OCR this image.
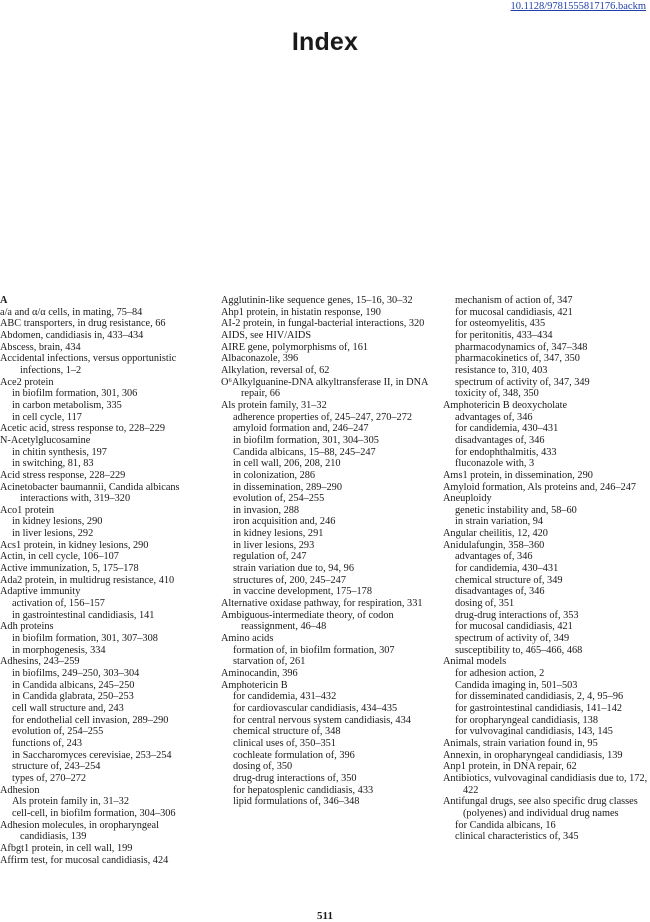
10.1128/9781555817176.backm
Index
A
a/a and α/α cells, in mating, 75–84
ABC transporters, in drug resistance, 66
Abdomen, candidiasis in, 433–434
Abscess, brain, 434
Accidental infections, versus opportunistic infections, 1–2
Ace2 protein
in biofilm formation, 301, 306
in carbon metabolism, 335
in cell cycle, 117
Acetic acid, stress response to, 228–229
N-Acetylglucosamine
in chitin synthesis, 197
in switching, 81, 83
Acid stress response, 228–229
Acinetobacter baumannii, Candida albicans interactions with, 319–320
Aco1 protein
in kidney lesions, 290
in liver lesions, 292
Acs1 protein, in kidney lesions, 290
Actin, in cell cycle, 106–107
Active immunization, 5, 175–178
Ada2 protein, in multidrug resistance, 410
Adaptive immunity
activation of, 156–157
in gastrointestinal candidiasis, 141
Adh proteins
in biofilm formation, 301, 307–308
in morphogenesis, 334
Adhesins, 243–259
in biofilms, 249–250, 303–304
in Candida albicans, 245–250
in Candida glabrata, 250–253
cell wall structure and, 243
for endothelial cell invasion, 289–290
evolution of, 254–255
functions of, 243
in Saccharomyces cerevisiae, 253–254
structure of, 243–254
types of, 270–272
Adhesion
Als protein family in, 31–32
cell-cell, in biofilm formation, 304–306
Adhesion molecules, in oropharyngeal candidiasis, 139
Afbgt1 protein, in cell wall, 199
Affirm test, for mucosal candidiasis, 424
Agglutinin-like sequence genes, 15–16, 30–32
Ahp1 protein, in histatin response, 190
AI-2 protein, in fungal-bacterial interactions, 320
AIDS, see HIV/AIDS
AIRE gene, polymorphisms of, 161
Albaconazole, 396
Alkylation, reversal of, 62
O⁶Alkylguanine-DNA alkyltransferase II, in DNA repair, 66
Als protein family, 31–32
adherence properties of, 245–247, 270–272
amyloid formation and, 246–247
in biofilm formation, 301, 304–305
Candida albicans, 15–88, 245–247
in cell wall, 206, 208, 210
in colonization, 286
in dissemination, 289–290
evolution of, 254–255
in invasion, 288
iron acquisition and, 246
in kidney lesions, 291
in liver lesions, 293
regulation of, 247
strain variation due to, 94, 96
structures of, 200, 245–247
in vaccine development, 175–178
Alternative oxidase pathway, for respiration, 331
Ambiguous-intermediate theory, of codon reassignment, 46–48
Amino acids
formation of, in biofilm formation, 307
starvation of, 261
Aminocandin, 396
Amphotericin B
for candidemia, 431–432
for cardiovascular candidiasis, 434–435
for central nervous system candidiasis, 434
chemical structure of, 348
clinical uses of, 350–351
cochleate formulation of, 396
dosing of, 350
drug-drug interactions of, 350
for hepatosplenic candidiasis, 433
lipid formulations of, 346–348
mechanism of action of, 347
for mucosal candidiasis, 421
for osteomyelitis, 435
for peritonitis, 433–434
pharmacodynamics of, 347–348
pharmacokinetics of, 347, 350
resistance to, 310, 403
spectrum of activity of, 347, 349
toxicity of, 348, 350
Amphotericin B deoxycholate
advantages of, 346
for candidemia, 430–431
disadvantages of, 346
for endophthalmitis, 433
fluconazole with, 3
Ams1 protein, in dissemination, 290
Amyloid formation, Als proteins and, 246–247
Aneuploidy
genetic instability and, 58–60
in strain variation, 94
Angular cheilitis, 12, 420
Anidulafungin, 358–360
advantages of, 346
for candidemia, 430–431
chemical structure of, 349
disadvantages of, 346
dosing of, 351
drug-drug interactions of, 353
for mucosal candidiasis, 421
spectrum of activity of, 349
susceptibility to, 465–466, 468
Animal models
for adhesion action, 2
Candida imaging in, 501–503
for disseminated candidiasis, 2, 4, 95–96
for gastrointestinal candidiasis, 141–142
for oropharyngeal candidiasis, 138
for vulvovaginal candidiasis, 143, 145
Animals, strain variation found in, 95
Annexin, in oropharyngeal candidiasis, 139
Anp1 protein, in DNA repair, 62
Antibiotics, vulvovaginal candidiasis due to, 172, 422
Antifungal drugs, see also specific drug classes (polyenes) and individual drug names
for Candida albicans, 16
clinical characteristics of, 345
511
